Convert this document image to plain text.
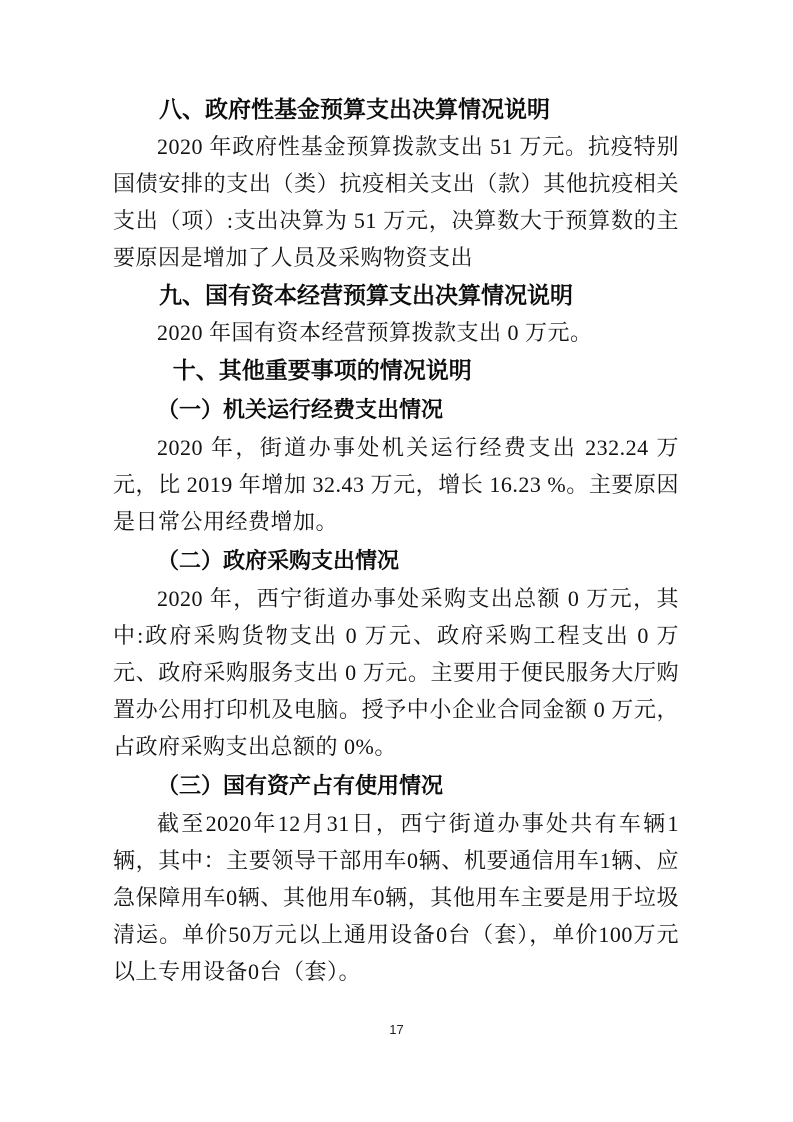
八、政府性基金预算支出决算情况说明

2020 年政府性基金预算拨款支出 51 万元。抗疫特别国债安排的支出（类）抗疫相关支出（款）其他抗疫相关支出（项）:支出决算为 51 万元，决算数大于预算数的主要原因是增加了人员及采购物资支出

九、国有资本经营预算支出决算情况说明

2020 年国有资本经营预算拨款支出 0 万元。

十、其他重要事项的情况说明
（一）机关运行经费支出情况

2020 年，街道办事处机关运行经费支出 232.24 万元，比 2019 年增加 32.43 万元，增长 16.23 %。主要原因是日常公用经费增加。

（二）政府采购支出情况

2020 年，西宁街道办事处采购支出总额 0 万元，其中:政府采购货物支出 0 万元、政府采购工程支出 0 万元、政府采购服务支出 0 万元。主要用于便民服务大厅购置办公用打印机及电脑。授予中小企业合同金额 0 万元，占政府采购支出总额的 0%。

（三）国有资产占有使用情况

截至2020年12月31日，西宁街道办事处共有车辆1辆，其中：主要领导干部用车0辆、机要通信用车1辆、应急保障用车0辆、其他用车0辆，其他用车主要是用于垃圾清运。单价50万元以上通用设备0台（套），单价100万元以上专用设备0台（套）。

17
